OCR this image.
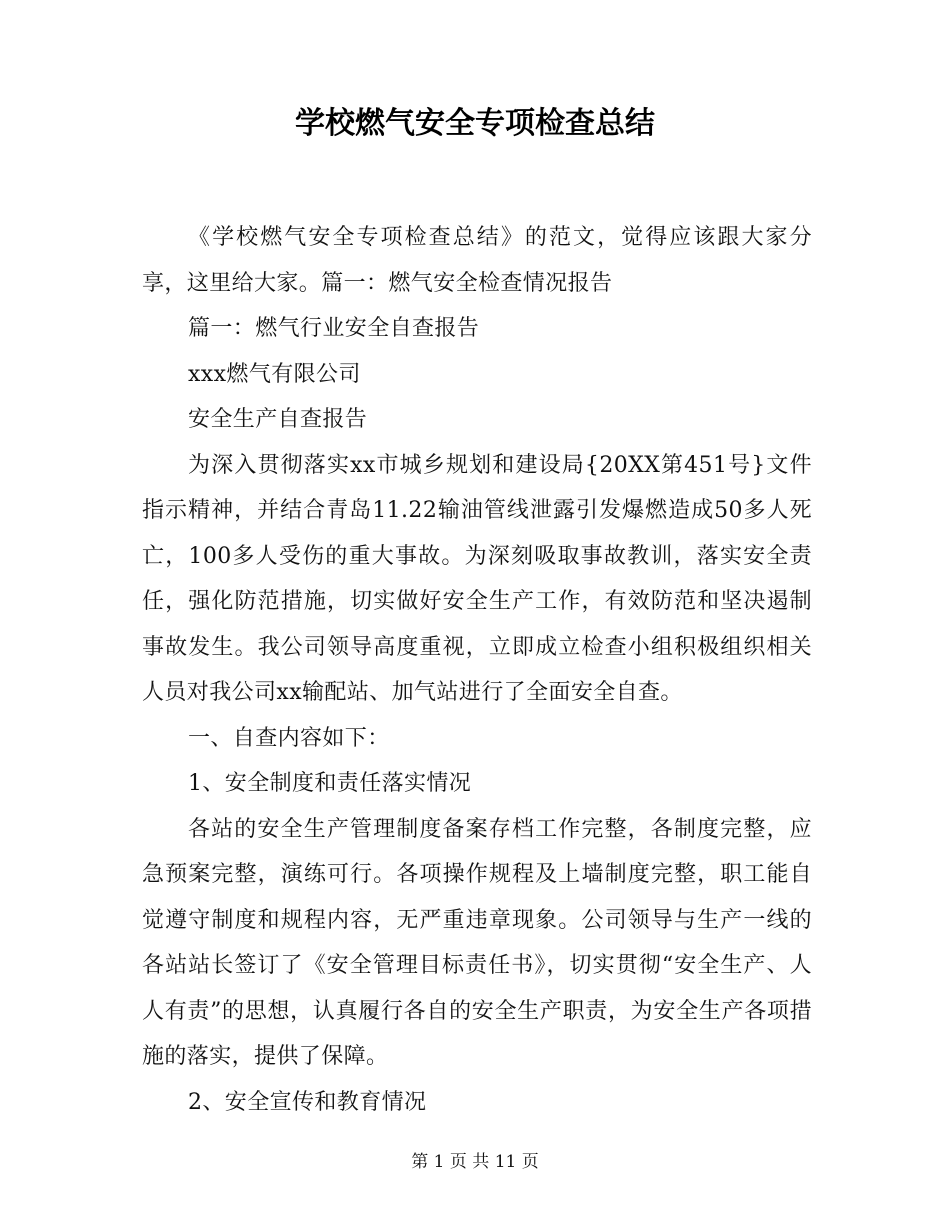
学校燃气安全专项检查总结

《学校燃气安全专项检查总结》的范文，觉得应该跟大家分享，这里给大家。篇一：燃气安全检查情况报告

篇一：燃气行业安全自查报告

xxx燃气有限公司

安全生产自查报告

为深入贯彻落实xx市城乡规划和建设局{20XX第451号}文件指示精神，并结合青岛11.22输油管线泄露引发爆燃造成50多人死亡，100多人受伤的重大事故。为深刻吸取事故教训，落实安全责任，强化防范措施，切实做好安全生产工作，有效防范和坚决遏制事故发生。我公司领导高度重视，立即成立检查小组积极组织相关人员对我公司xx输配站、加气站进行了全面安全自查。

一、自查内容如下：

1、安全制度和责任落实情况

各站的安全生产管理制度备案存档工作完整，各制度完整，应急预案完整，演练可行。各项操作规程及上墙制度完整，职工能自觉遵守制度和规程内容，无严重违章现象。公司领导与生产一线的各站站长签订了《安全管理目标责任书》，切实贯彻“安全生产、人人有责”的思想，认真履行各自的安全生产职责，为安全生产各项措施的落实，提供了保障。

2、安全宣传和教育情况

第 1 页 共 11 页
